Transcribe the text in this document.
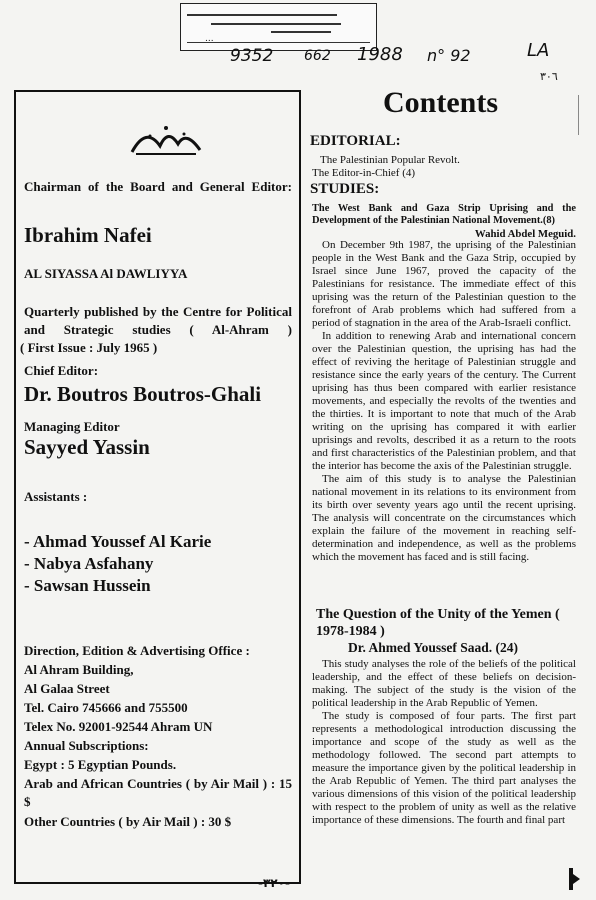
...
9352 662 1988 n° 92	LA
٣٠٦
Chairman of the Board and General Editor:
Ibrahim Nafei
AL SIYASSA Al DAWLIYYA
Quarterly published by the Centre for Political and Strategic studies ( Al-Ahram )
( First Issue : July 1965 )
Chief Editor:
Dr. Boutros Boutros-Ghali
Managing Editor
Sayyed Yassin
Assistants :
- Ahmad Youssef Al Karie
- Nabya Asfahany
- Sawsan Hussein
Direction, Edition & Advertising Office :
Al Ahram Building,
Al Galaa Street
Tel. Cairo 745666 and 755500
Telex No. 92001-92544 Ahram UN
Annual Subscriptions:
Egypt : 5 Egyptian Pounds.
Arab and African Countries ( by Air Mail ) : 15 $
Other Countries ( by Air Mail ) : 30 $
Contents
EDITORIAL:
The Palestinian Popular Revolt.
The Editor-in-Chief (4)
STUDIES:
The West Bank and Gaza Strip Uprising and the Development of the Palestinian National Movement.(8)
Wahid Abdel Meguid.

On December 9th 1987, the uprising of the Palestinian people in the West Bank and the Gaza Strip, occupied by Israel since June 1967, proved the capacity of the Palestinians for resistance. The immediate effect of this uprising was the return of the Palestinian question to the forefront of Arab problems which had suffered from a period of stagnation in the area of the Arab-Israeli conflict.

In addition to renewing Arab and international concern over the Palestinian question, the uprising has had the effect of reviving the heritage of Palestinian struggle and resistance since the early years of the century. The Current uprising has thus been compared with earlier resistance movements, and especially the revolts of the twenties and the thirties. It is important to note that much of the Arab writing on the uprising has compared it with earlier uprisings and revolts, described it as a return to the roots and first characteristics of the Palestinian problem, and that the interior has become the axis of the Palestinian struggle.

The aim of this study is to analyse the Palestinian national movement in its relations to its environment from its birth over seventy years ago until the recent uprising. The analysis will concentrate on the circumstances which explain the failure of the movement in reaching self-determination and independence, as well as the problems which the movement has faced and is still facing.

The Question of the Unity of the Yemen ( 1978-1984 )
Dr. Ahmed Youssef Saad. (24)

This study analyses the role of the beliefs of the political leadership, and the effect of these beliefs on decision-making. The subject of the study is the vision of the political leadership in the Arab Republic of Yemen.

The study is composed of four parts. The first part represents a methodological introduction discussing the importance and scope of the study as well as the methodology followed. The second part attempts to measure the importance given by the political leadership in the Arab Republic of Yemen. The third part analyses the various dimensions of this vision of the political leadership with respect to the problem of unity as well as the relative importance of these dimensions. The fourth and final part

-٣٢٠-
